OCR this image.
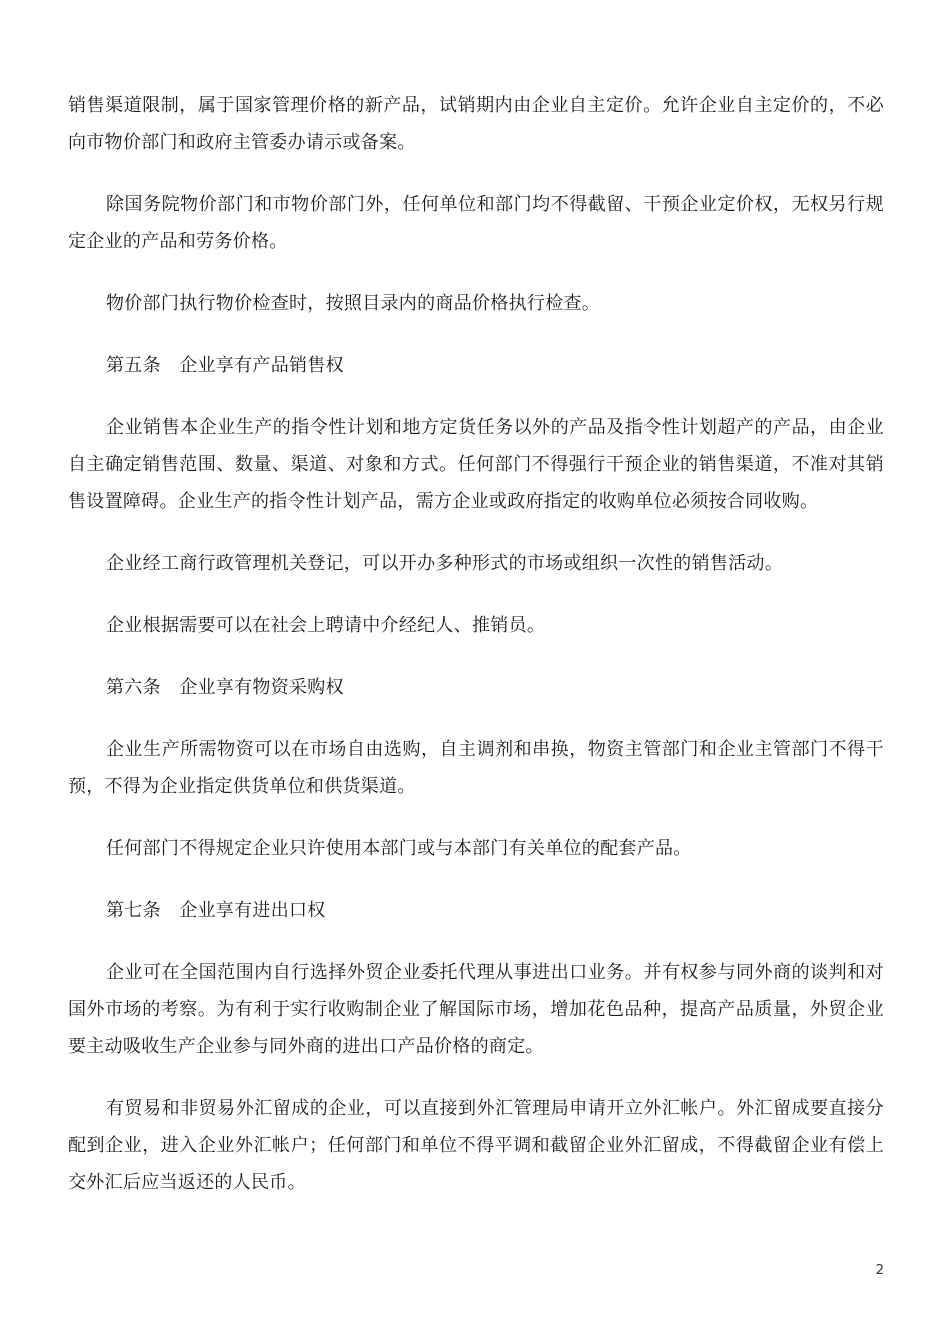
销售渠道限制，属于国家管理价格的新产品，试销期内由企业自主定价。允许企业自主定价的，不必向市物价部门和政府主管委办请示或备案。

除国务院物价部门和市物价部门外，任何单位和部门均不得截留、干预企业定价权，无权另行规定企业的产品和劳务价格。

物价部门执行物价检查时，按照目录内的商品价格执行检查。

第五条　企业享有产品销售权

企业销售本企业生产的指令性计划和地方定货任务以外的产品及指令性计划超产的产品，由企业自主确定销售范围、数量、渠道、对象和方式。任何部门不得强行干预企业的销售渠道，不准对其销售设置障碍。企业生产的指令性计划产品，需方企业或政府指定的收购单位必须按合同收购。

企业经工商行政管理机关登记，可以开办多种形式的市场或组织一次性的销售活动。

企业根据需要可以在社会上聘请中介经纪人、推销员。

第六条　企业享有物资采购权

企业生产所需物资可以在市场自由选购，自主调剂和串换，物资主管部门和企业主管部门不得干预，不得为企业指定供货单位和供货渠道。

任何部门不得规定企业只许使用本部门或与本部门有关单位的配套产品。

第七条　企业享有进出口权

企业可在全国范围内自行选择外贸企业委托代理从事进出口业务。并有权参与同外商的谈判和对国外市场的考察。为有利于实行收购制企业了解国际市场，增加花色品种，提高产品质量，外贸企业要主动吸收生产企业参与同外商的进出口产品价格的商定。

有贸易和非贸易外汇留成的企业，可以直接到外汇管理局申请开立外汇帐户。外汇留成要直接分配到企业，进入企业外汇帐户；任何部门和单位不得平调和截留企业外汇留成，不得截留企业有偿上交外汇后应当返还的人民币。

2
